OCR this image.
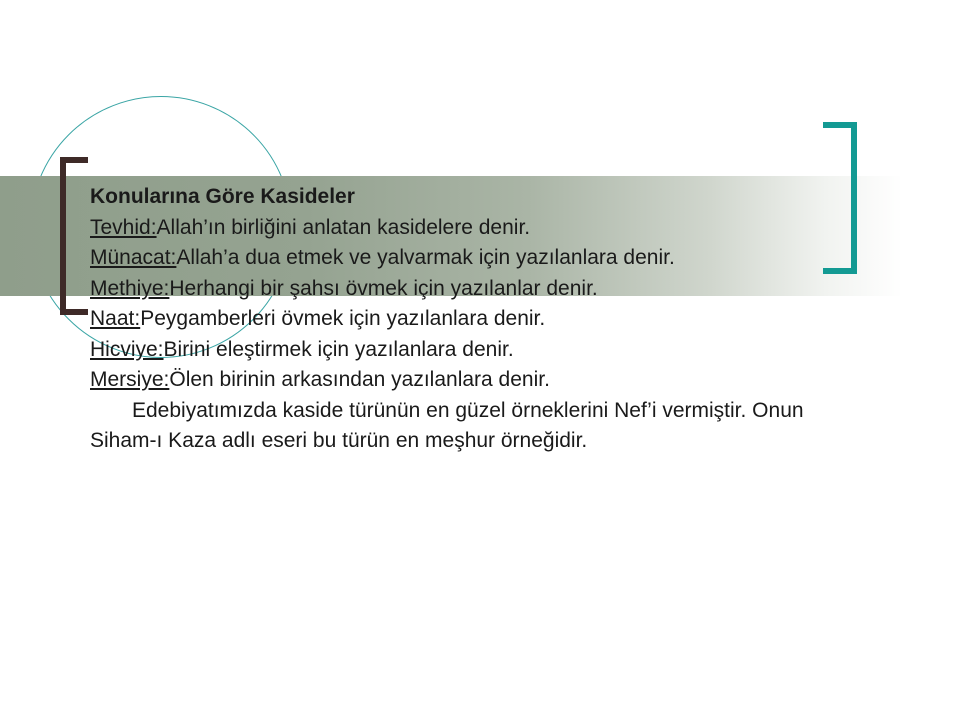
Konularına Göre Kasideler
Tevhid:Allah’ın birliğini anlatan kasidelere denir.
Münacat:Allah’a dua etmek ve yalvarmak için yazılanlara denir.
Methiye:Herhangi bir şahsı övmek için yazılanlar denir.
Naat:Peygamberleri övmek için yazılanlara denir.
Hicviye:Birini eleştirmek için yazılanlara denir.
Mersiye:Ölen birinin arkasından yazılanlara denir.

Edebiyatımızda kaside türünün en güzel örneklerini Nef’i vermiştir. Onun Siham-ı Kaza adlı eseri bu türün en meşhur örneğidir.
